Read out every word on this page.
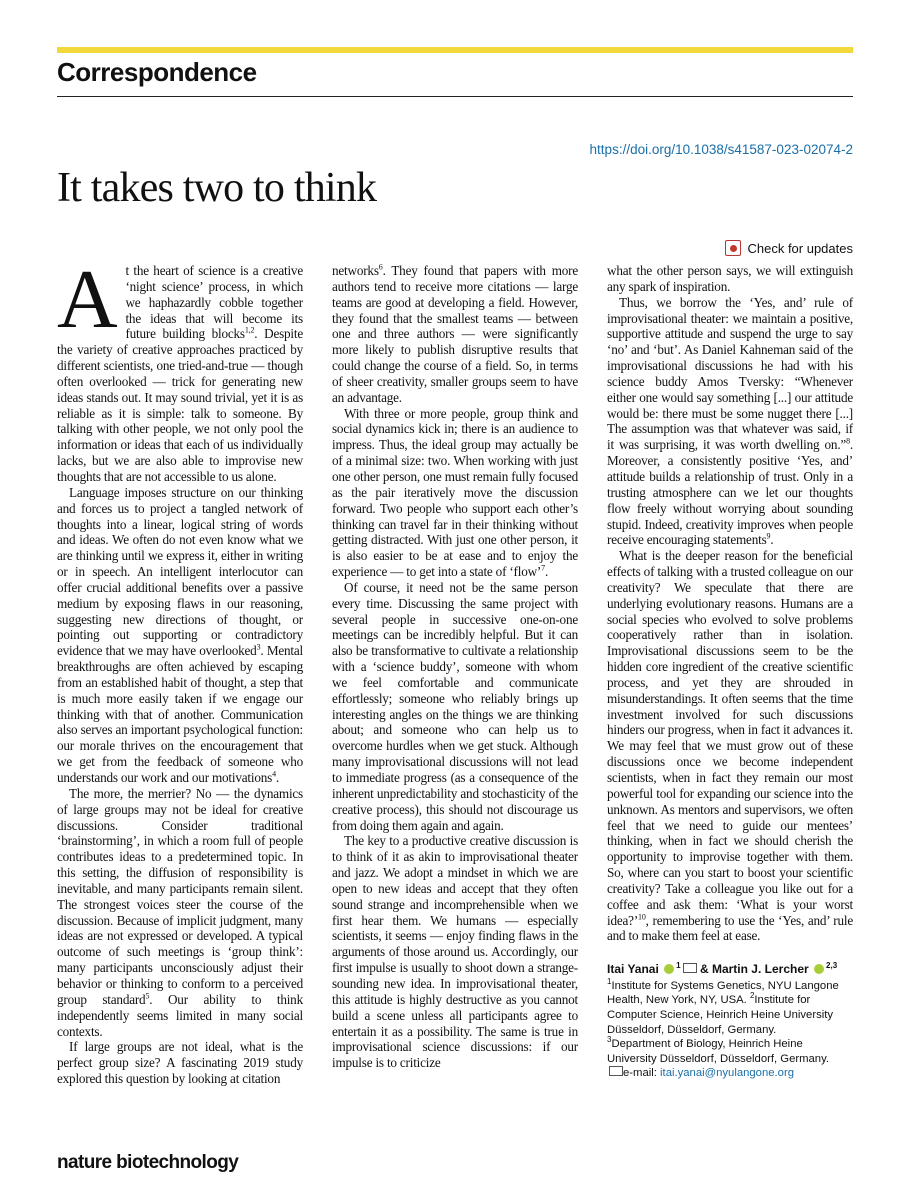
Correspondence
https://doi.org/10.1038/s41587-023-02074-2
It takes two to think
Check for updates

At the heart of science is a creative ‘night science’ process, in which we haphazardly cobble together the ideas that will become its future building blocks$^{1,2}$. Despite the variety of creative approaches practiced by different scientists, one tried-and-true — though often overlooked — trick for generating new ideas stands out. It may sound trivial, yet it is as reliable as it is simple: talk to someone. By talking with other people, we not only pool the information or ideas that each of us individually lacks, but we are also able to improvise new thoughts that are not accessible to us alone.

Language imposes structure on our thinking and forces us to project a tangled network of thoughts into a linear, logical string of words and ideas. We often do not even know what we are thinking until we express it, either in writing or in speech. An intelligent interlocutor can offer crucial additional benefits over a passive medium by exposing flaws in our reasoning, suggesting new directions of thought, or pointing out supporting or contradictory evidence that we may have overlooked$^3$. Mental breakthroughs are often achieved by escaping from an established habit of thought, a step that is much more easily taken if we engage our thinking with that of another. Communication also serves an important psychological function: our morale thrives on the encouragement that we get from the feedback of someone who understands our work and our motivations$^4$.

The more, the merrier? No — the dynamics of large groups may not be ideal for creative discussions. Consider traditional ‘brainstorming’, in which a room full of people contributes ideas to a predetermined topic. In this setting, the diffusion of responsibility is inevitable, and many participants remain silent. The strongest voices steer the course of the discussion. Because of implicit judgment, many ideas are not expressed or developed. A typical outcome of such meetings is ‘group think’: many participants unconsciously adjust their behavior or thinking to conform to a perceived group standard$^5$. Our ability to think independently seems limited in many social contexts.

If large groups are not ideal, what is the perfect group size? A fascinating 2019 study explored this question by looking at citation

networks$^6$. They found that papers with more authors tend to receive more citations — large teams are good at developing a field. However, they found that the smallest teams — between one and three authors — were significantly more likely to publish disruptive results that could change the course of a field. So, in terms of sheer creativity, smaller groups seem to have an advantage.

With three or more people, group think and social dynamics kick in; there is an audience to impress. Thus, the ideal group may actually be of a minimal size: two. When working with just one other person, one must remain fully focused as the pair iteratively move the discussion forward. Two people who support each other’s thinking can travel far in their thinking without getting distracted. With just one other person, it is also easier to be at ease and to enjoy the experience — to get into a state of ‘flow’$^7$.

Of course, it need not be the same person every time. Discussing the same project with several people in successive one-on-one meetings can be incredibly helpful. But it can also be transformative to cultivate a relationship with a ‘science buddy’, someone with whom we feel comfortable and communicate effortlessly; someone who reliably brings up interesting angles on the things we are thinking about; and someone who can help us to overcome hurdles when we get stuck. Although many improvisational discussions will not lead to immediate progress (as a consequence of the inherent unpredictability and stochasticity of the creative process), this should not discourage us from doing them again and again.

The key to a productive creative discussion is to think of it as akin to improvisational theater and jazz. We adopt a mindset in which we are open to new ideas and accept that they often sound strange and incomprehensible when we first hear them. We humans — especially scientists, it seems — enjoy finding flaws in the arguments of those around us. Accordingly, our first impulse is usually to shoot down a strange-sounding new idea. In improvisational theater, this attitude is highly destructive as you cannot build a scene unless all participants agree to entertain it as a possibility. The same is true in improvisational science discussions: if our impulse is to criticize

what the other person says, we will extinguish any spark of inspiration.

Thus, we borrow the ‘Yes, and’ rule of improvisational theater: we maintain a positive, supportive attitude and suspend the urge to say ‘no’ and ‘but’. As Daniel Kahneman said of the improvisational discussions he had with his science buddy Amos Tversky: “Whenever either one would say something [...] our attitude would be: there must be some nugget there [...] The assumption was that whatever was said, if it was surprising, it was worth dwelling on.”$^8$. Moreover, a consistently positive ‘Yes, and’ attitude builds a relationship of trust. Only in a trusting atmosphere can we let our thoughts flow freely without worrying about sounding stupid. Indeed, creativity improves when people receive encouraging statements$^9$.

What is the deeper reason for the beneficial effects of talking with a trusted colleague on our creativity? We speculate that there are underlying evolutionary reasons. Humans are a social species who evolved to solve problems cooperatively rather than in isolation. Improvisational discussions seem to be the hidden core ingredient of the creative scientific process, and yet they are shrouded in misunderstandings. It often seems that the time investment involved for such discussions hinders our progress, when in fact it advances it. We may feel that we must grow out of these discussions once we become independent scientists, when in fact they remain our most powerful tool for expanding our science into the unknown. As mentors and supervisors, we often feel that we need to guide our mentees’ thinking, when in fact we should cherish the opportunity to improvise together with them. So, where can you start to boost your scientific creativity? Take a colleague you like out for a coffee and ask them: ‘What is your worst idea?’$^{10}$, remembering to use the ‘Yes, and’ rule and to make them feel at ease.

Itai Yanai $^1$ & Martin J. Lercher $^{2,3}$
$^1$Institute for Systems Genetics, NYU Langone Health, New York, NY, USA. $^2$Institute for Computer Science, Heinrich Heine University Düsseldorf, Düsseldorf, Germany.
$^3$Department of Biology, Heinrich Heine University Düsseldorf, Düsseldorf, Germany.
e-mail: itai.yanai@nyulangone.org
nature biotechnology
